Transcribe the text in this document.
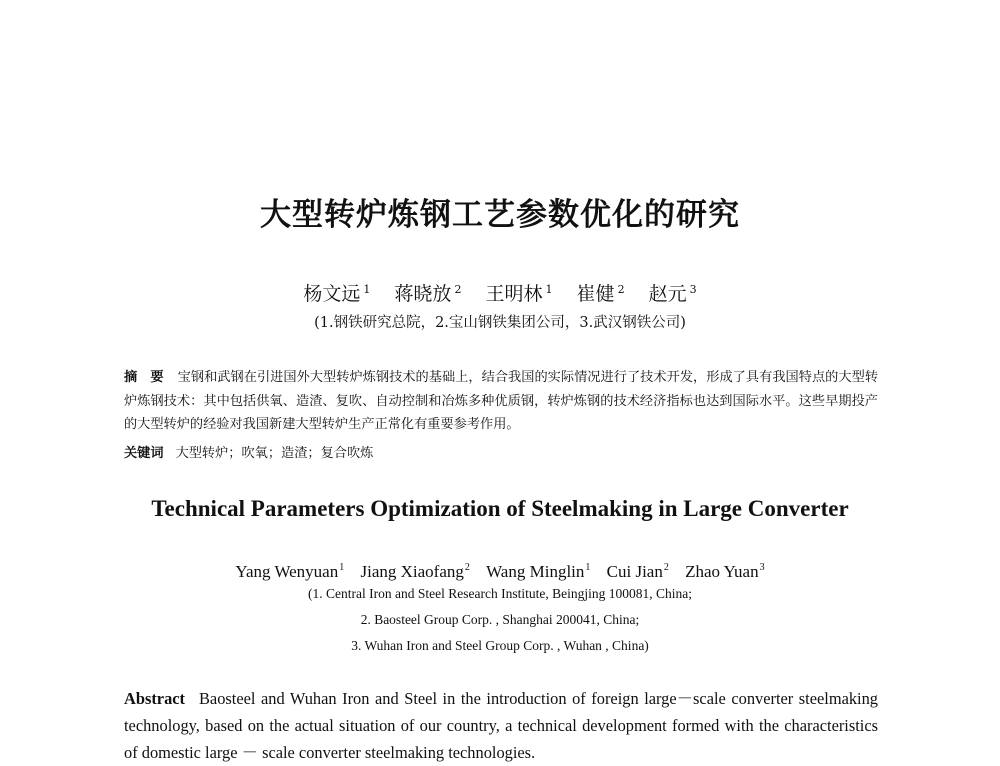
大型转炉炼钢工艺参数优化的研究
杨文远 $^1$ 蒋晓放 $^2$ 王明林 $^1$ 崔健 $^2$ 赵元 $^3$
(1.钢铁研究总院，2.宝山钢铁集团公司，3.武汉钢铁公司)
摘　要 宝钢和武钢在引进国外大型转炉炼钢技术的基础上，结合我国的实际情况进行了技术开发，形成了具有我国特点的大型转炉炼钢技术：其中包括供氧、造渣、复吹、自动控制和冶炼多种优质钢，转炉炼钢的技术经济指标也达到国际水平。这些早期投产的大型转炉的经验对我国新建大型转炉生产正常化有重要参考作用。
关键词 大型转炉；吹氧；造渣；复合吹炼
Technical Parameters Optimization of Steelmaking in Large Converter
Yang Wenyuan$^1$ Jiang Xiaofang$^2$ Wang Minglin$^1$ Cui Jian$^2$ Zhao Yuan$^3$
(1. Central Iron and Steel Research Institute, Beingjing 100081, China;
2. Baosteel Group Corp. , Shanghai 200041, China;
3. Wuhan Iron and Steel Group Corp. , Wuhan , China)
Abstract Baosteel and Wuhan Iron and Steel in the introduction of foreign large－scale converter steelmaking technology, based on the actual situation of our country, a technical development formed with the characteristics of domestic large － scale converter steelmaking technologies.
